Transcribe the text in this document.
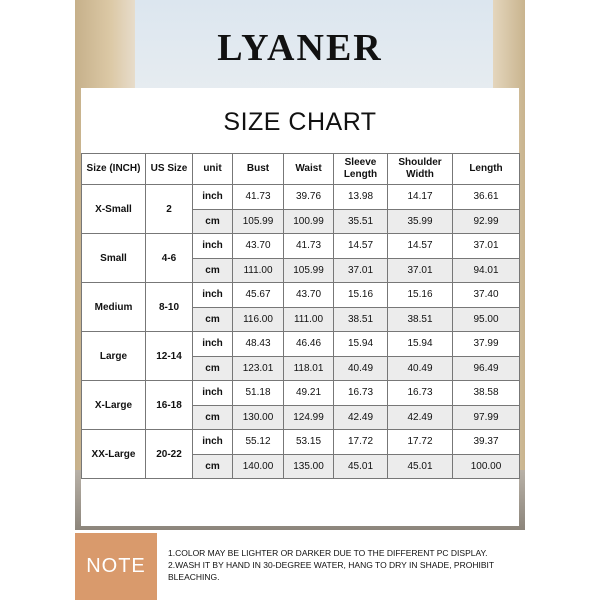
LYANER
SIZE CHART
Size (INCH)	US Size	unit	Bust	Waist	Sleeve Length	Shoulder Width	Length
X-Small	2	inch	41.73	39.76	13.98	14.17	36.61
		cm	105.99	100.99	35.51	35.99	92.99
Small	4-6	inch	43.70	41.73	14.57	14.57	37.01
		cm	111.00	105.99	37.01	37.01	94.01
Medium	8-10	inch	45.67	43.70	15.16	15.16	37.40
		cm	116.00	111.00	38.51	38.51	95.00
Large	12-14	inch	48.43	46.46	15.94	15.94	37.99
		cm	123.01	118.01	40.49	40.49	96.49
X-Large	16-18	inch	51.18	49.21	16.73	16.73	38.58
		cm	130.00	124.99	42.49	42.49	97.99
XX-Large	20-22	inch	55.12	53.15	17.72	17.72	39.37
		cm	140.00	135.00	45.01	45.01	100.00
NOTE
1.COLOR MAY BE LIGHTER OR DARKER DUE TO THE DIFFERENT PC DISPLAY.
2.WASH IT BY HAND IN 30-DEGREE WATER, HANG TO DRY IN SHADE, PROHIBIT BLEACHING.
